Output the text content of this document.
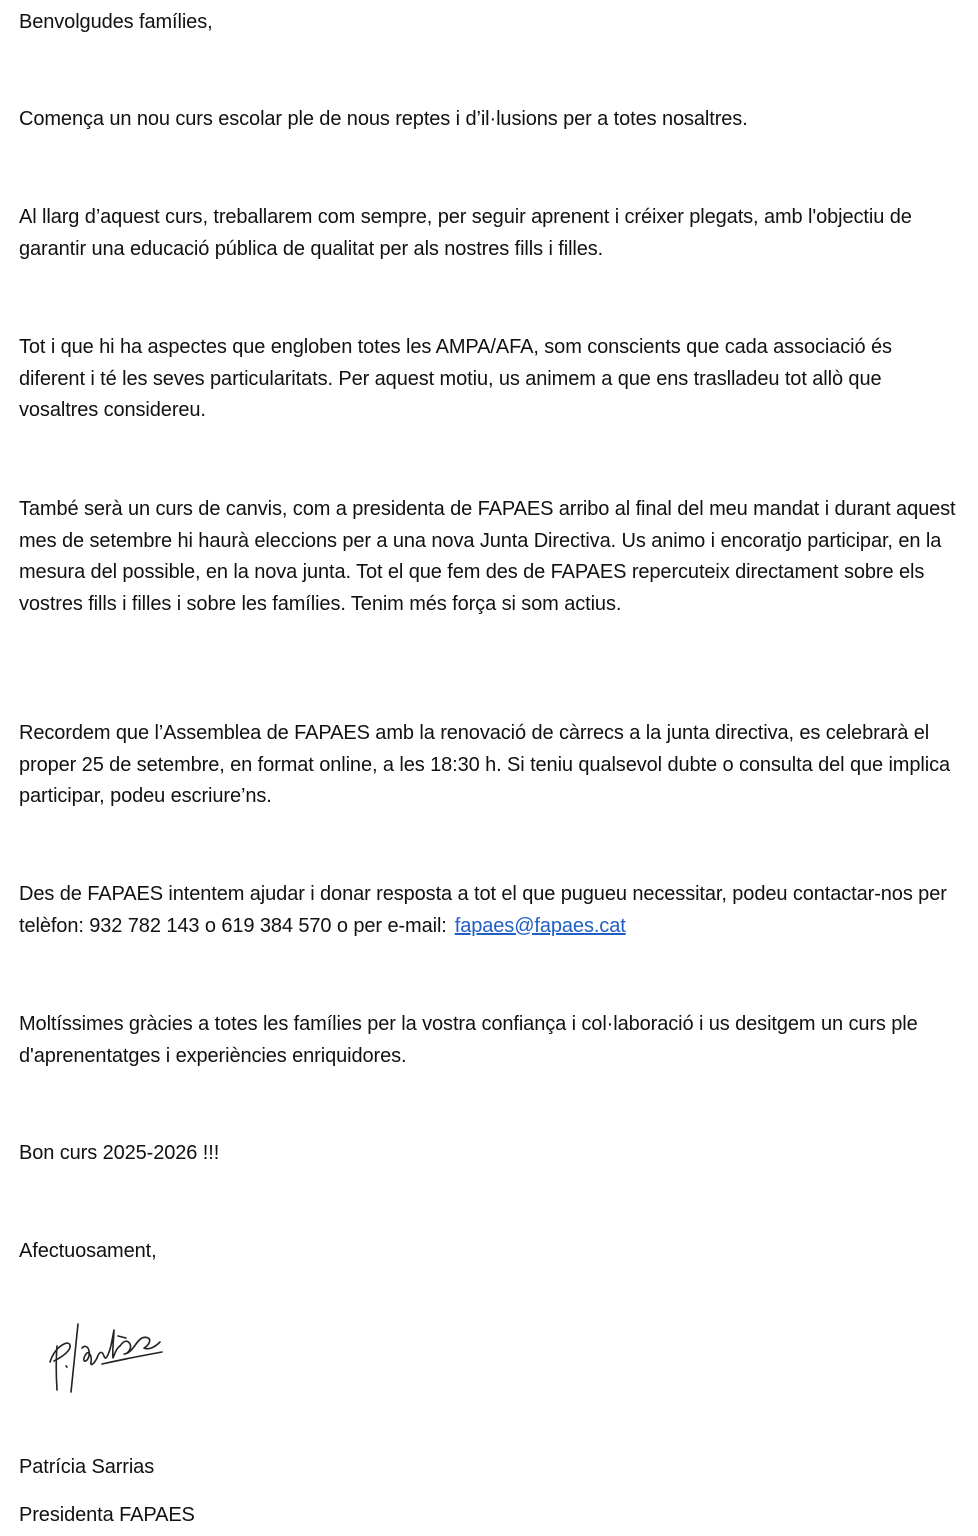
Benvolgudes famílies,

Comença un nou curs escolar ple de nous reptes i d’il·lusions per a totes nosaltres.

Al llarg d’aquest curs, treballarem com sempre, per seguir aprenent i créixer plegats, amb l'objectiu de garantir una educació pública de qualitat per als nostres fills i filles.

Tot i que hi ha aspectes que engloben totes les AMPA/AFA, som conscients que cada associació és diferent i té les seves particularitats. Per aquest motiu, us animem a que ens traslladeu tot allò que vosaltres considereu.

També serà un curs de canvis, com a presidenta de FAPAES arribo al final del meu mandat i durant aquest mes de setembre hi haurà eleccions per a una nova Junta Directiva. Us animo i encoratjo participar, en la mesura del possible, en la nova junta. Tot el que fem des de FAPAES repercuteix directament sobre els vostres fills i filles i sobre les famílies. Tenim més força si som actius.

Recordem que l’Assemblea de FAPAES amb la renovació de càrrecs a la junta directiva, es celebrarà el proper 25 de setembre, en format online, a les 18:30 h. Si teniu qualsevol dubte o consulta del que implica participar, podeu escriure’ns.

Des de FAPAES intentem ajudar i donar resposta a tot el que pugueu necessitar, podeu contactar-nos per telèfon: 932 782 143 o 619 384 570 o per e-mail: fapaes@fapaes.cat

Moltíssimes gràcies a totes les famílies per la vostra confiança i col·laboració i us desitgem un curs ple d'aprenentatges i experiències enriquidores.

Bon curs 2025-2026 !!!

Afectuosament,

Patrícia Sarrias

Presidenta FAPAES
